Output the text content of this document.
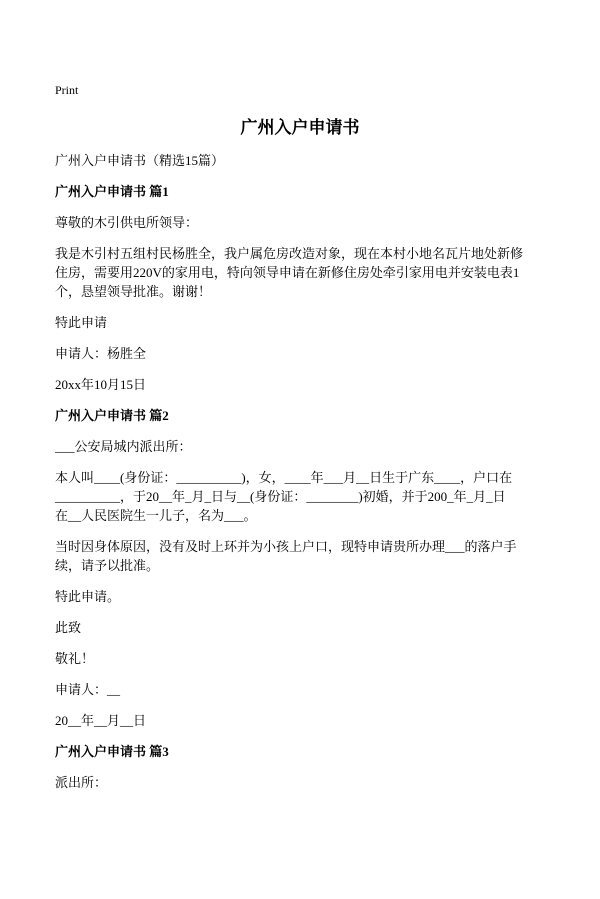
Print
广州入户申请书
广州入户申请书（精选15篇）
广州入户申请书 篇1
尊敬的木引供电所领导：
我是木引村五组村民杨胜全，我户属危房改造对象，现在本村小地名瓦片地处新修
住房，需要用220V的家用电，特向领导申请在新修住房处牵引家用电并安装电表1
个，恳望领导批准。谢谢！
特此申请
申请人：杨胜全
20xx年10月15日
广州入户申请书 篇2
___公安局城内派出所：
本人叫____(身份证：__________)，女，____年___月__日生于广东____，户口在
__________，于20__年_月_日与__(身份证：________)初婚，并于200_年_月_日
在__人民医院生一儿子，名为___。
当时因身体原因，没有及时上环并为小孩上户口，现特申请贵所办理___的落户手
续，请予以批准。
特此申请。
此致
敬礼！
申请人：__
20__年__月__日
广州入户申请书 篇3
派出所：
